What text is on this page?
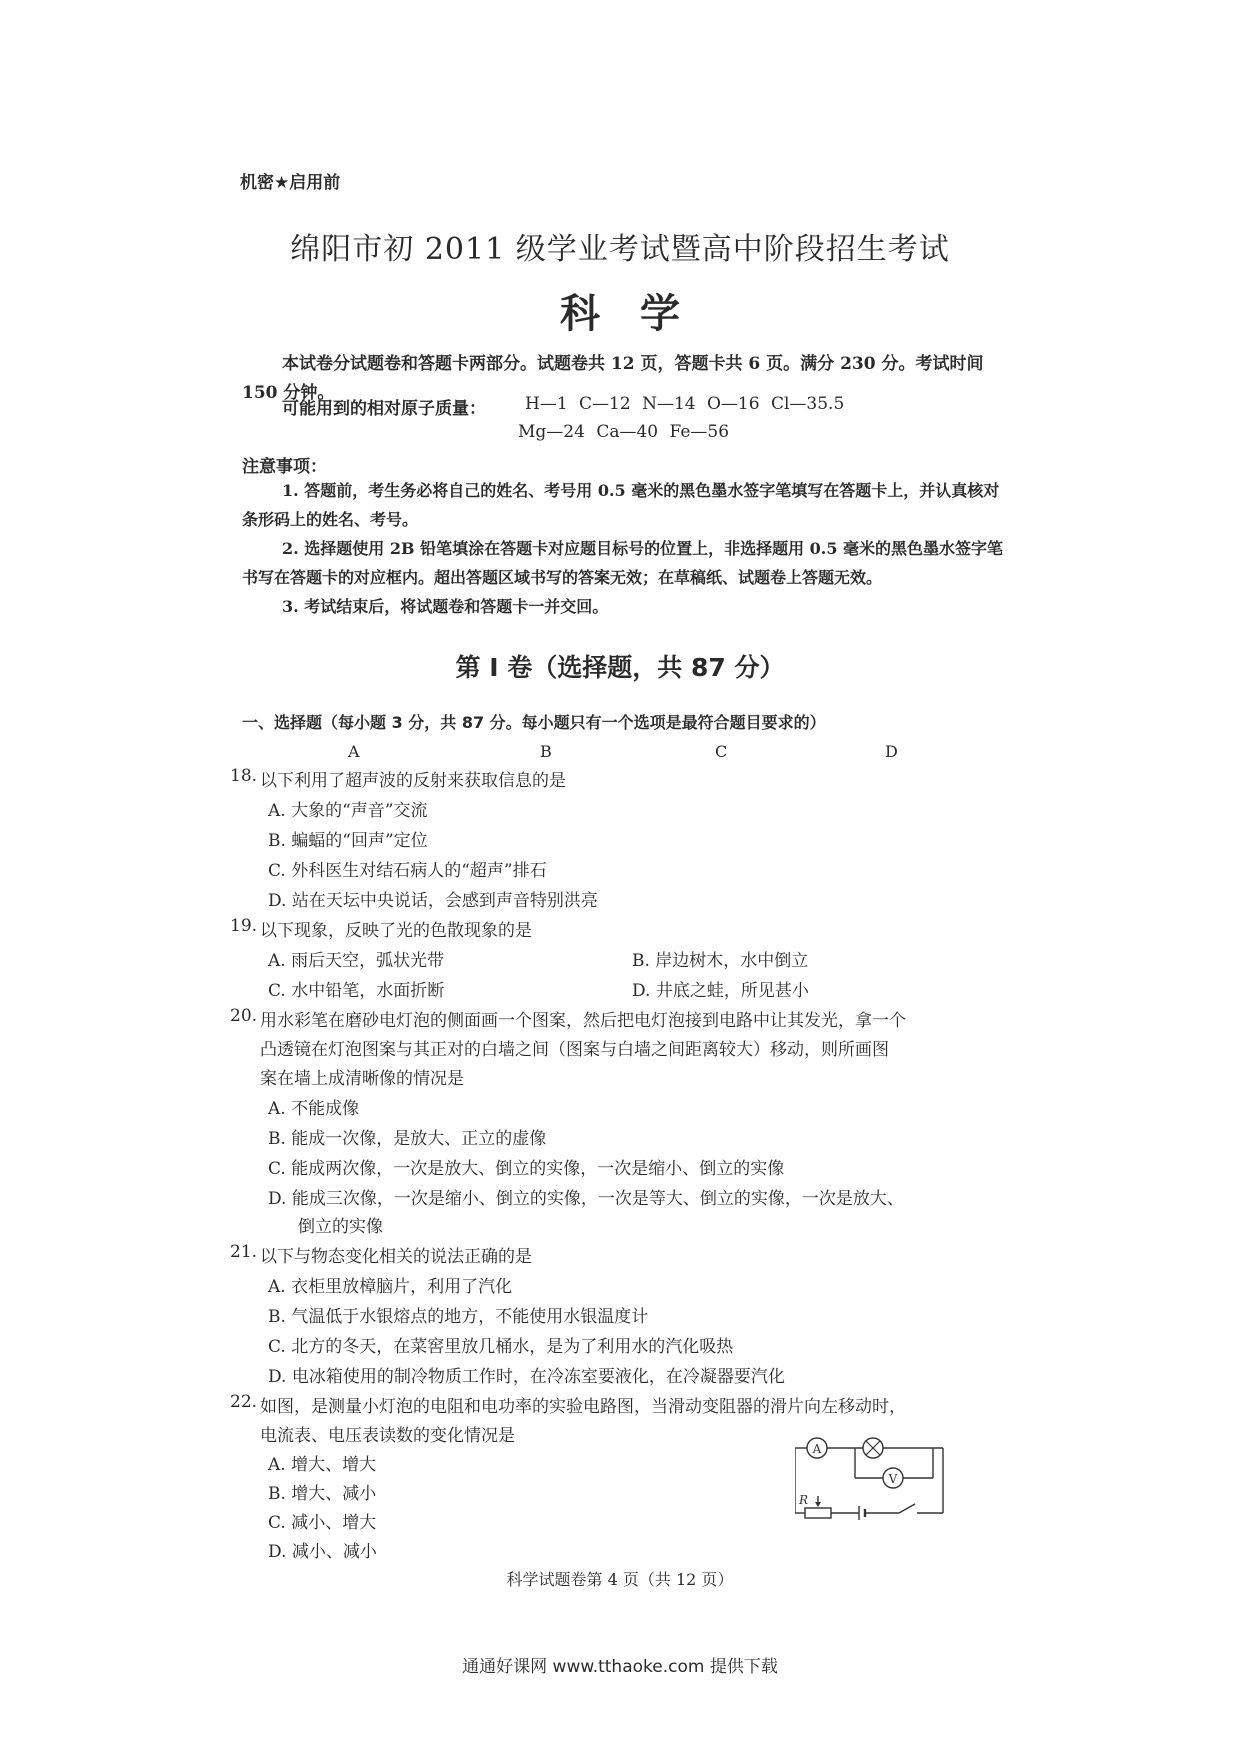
机密★启用前
绵阳市初 2011 级学业考试暨高中阶段招生考试
科 学
本试卷分试题卷和答题卡两部分。试题卷共 12 页，答题卡共 6 页。满分 230 分。考试时间 150 分钟。
可能用到的相对原子质量： H—1 C—12 N—14 O—16 Cl—35.5
Mg—24 Ca—40 Fe—56
注意事项：
1. 答题前，考生务必将自己的姓名、考号用 0.5 毫米的黑色墨水签字笔填写在答题卡上，并认真核对条形码上的姓名、考号。
2. 选择题使用 2B 铅笔填涂在答题卡对应题目标号的位置上，非选择题用 0.5 毫米的黑色墨水签字笔书写在答题卡的对应框内。超出答题区域书写的答案无效；在草稿纸、试题卷上答题无效。
3. 考试结束后，将试题卷和答题卡一并交回。
第 I 卷（选择题，共 87 分）
一、选择题（每小题 3 分，共 87 分。每小题只有一个选项是最符合题目要求的）
A	B	C	D
18. 以下利用了超声波的反射来获取信息的是
A. 大象的“声音”交流
B. 蝙蝠的“回声”定位
C. 外科医生对结石病人的“超声”排石
D. 站在天坛中央说话，会感到声音特别洪亮
19. 以下现象，反映了光的色散现象的是
A. 雨后天空，弧状光带	B. 岸边树木，水中倒立
C. 水中铅笔，水面折断	D. 井底之蛙，所见甚小
20. 用水彩笔在磨砂电灯泡的侧面画一个图案，然后把电灯泡接到电路中让其发光，拿一个
凸透镜在灯泡图案与其正对的白墙之间（图案与白墙之间距离较大）移动，则所画图
案在墙上成清晰像的情况是
A. 不能成像
B. 能成一次像，是放大、正立的虚像
C. 能成两次像，一次是放大、倒立的实像，一次是缩小、倒立的实像
D. 能成三次像，一次是缩小、倒立的实像，一次是等大、倒立的实像，一次是放大、
倒立的实像
21. 以下与物态变化相关的说法正确的是
A. 衣柜里放樟脑片，利用了汽化
B. 气温低于水银熔点的地方，不能使用水银温度计
C. 北方的冬天，在菜窖里放几桶水，是为了利用水的汽化吸热
D. 电冰箱使用的制冷物质工作时，在冷冻室要液化，在冷凝器要汽化
22. 如图，是测量小灯泡的电阻和电功率的实验电路图，当滑动变阻器的滑片向左移动时，
电流表、电压表读数的变化情况是
A. 增大、增大
B. 增大、减小
C. 减小、增大
D. 减小、减小
A
V
R
科学试题卷第 4 页（共 12 页）
通通好课网 www.tthaoke.com 提供下载
